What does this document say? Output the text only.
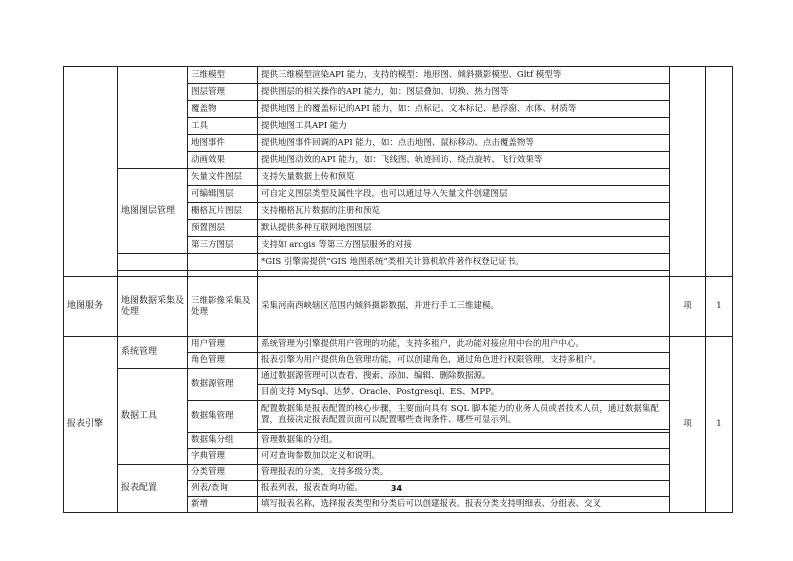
		三维模型	提供三维模型渲染API 能力，支持的模型：地形图、倾斜摄影模型、Gltf 模型等		
		图层管理	提供图层的相关操作的API 能力，如：图层叠加、切换、热力图等		
		覆盖物	提供地图上的覆盖标记的API 能力，如：点标记、文本标记、悬浮窗、水体、材质等		
		工具	提供地图工具API 能力		
		地图事件	提供地图事件回调的API 能力，如：点击地图、鼠标移动、点击覆盖物等		
		动画效果	提供地图动效的API 能力，如：飞线图、轨迹回访、绕点旋转、飞行效果等		
	地图图层管理	矢量文件图层	支持矢量数据上传和预览		
		可编辑图层	可自定义图层类型及属性字段，也可以通过导入矢量文件创建图层		
		栅格瓦片图层	支持栅格瓦片数据的注册和预览		
		预置图层	默认提供多种互联网地图图层		
		第三方图层	支持如 arcgis 等第三方图层服务的对接		
			*GIS 引擎需提供“GIS 地图系统”类相关计算机软件著作权登记证书。		

地图服务	地图数据采集及处理	三维影像采集及处理	采集河南西峡辖区范围内倾斜摄影数据，并进行手工三维建模。	项	1
报表引擎	系统管理	用户管理	系统管理为引擎提供用户管理的功能，支持多租户，此功能对接应用中台的用户中心。	项	1
		角色管理	报表引擎为用户提供角色管理功能，可以创建角色，通过角色进行权限管理，支持多租户。		
	数据工具	数据源管理	通过数据源管理可以查看、搜索、添加、编辑、删除数据源。		
			目前支持 MySql、达梦、Oracle、Postgresql、ES、MPP。		
		数据集管理	配置数据集是报表配置的核心步骤，主要面向具有 SQL 脚本能力的业务人员或者技术人员，通过数据集配置，直接决定报表配置页面可以配置哪些查询条件、哪些可显示列。		

		数据集分组	管理数据集的分组。		
		字典管理	可对查询参数加以定义和说明。		
	报表配置	分类管理	管理报表的分类，支持多级分类。		
		列表/查询	报表列表，报表查询功能。		
		新增	填写报表名称，选择报表类型和分类后可以创建报表。报表分类支持明细表、分组表、交叉		
34
